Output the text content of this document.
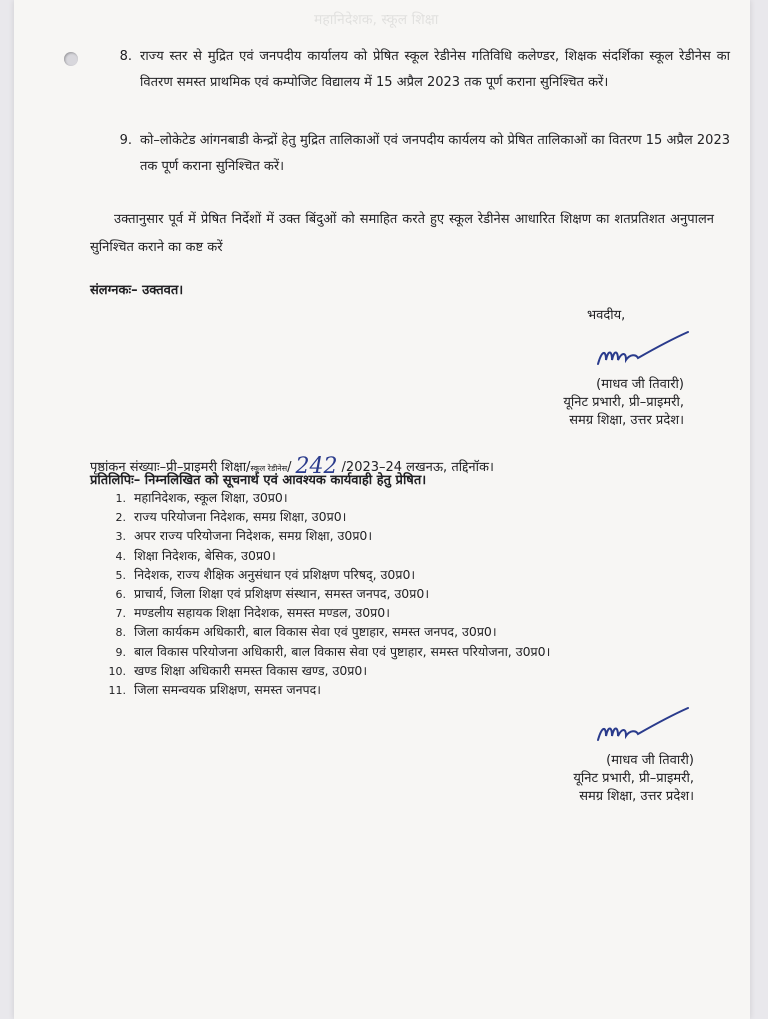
महानिदेशक, स्कूल शिक्षा
8. राज्य स्तर से मुद्रित एवं जनपदीय कार्यालय को प्रेषित स्कूल रेडीनेस गतिविधि कलेण्डर, शिक्षक संदर्शिका स्कूल रेडीनेस का वितरण समस्त प्राथमिक एवं कम्पोजिट विद्यालय में 15 अप्रैल 2023 तक पूर्ण कराना सुनिश्चित करें।
9. को–लोकेटेड आंगनबाडी केन्द्रों हेतु मुद्रित तालिकाओं एवं जनपदीय कार्यलय को प्रेषित तालिकाओं का वितरण 15 अप्रैल 2023 तक पूर्ण कराना सुनिश्चित करें।
उक्तानुसार पूर्व में प्रेषित निर्देशों में उक्त बिंदुओं को समाहित करते हुए स्कूल रेडीनेस आधारित शिक्षण का शतप्रतिशत अनुपालन सुनिश्चित कराने का कष्ट करें
संलग्नकः– उक्तवत।
भवदीय,
(माधव जी तिवारी)
यूनिट प्रभारी, प्री–प्राइमरी,
समग्र शिक्षा, उत्तर प्रदेश।
पृष्ठांकन संख्याः–प्री–प्राइमरी शिक्षा/स्कूल रेडीनेस/ 242 /2023–24 लखनऊ, तद्दिनॉक।
प्रतिलिपिः– निम्नलिखित को सूचनार्थ एवं आवश्यक कार्यवाही हेतु प्रेषित।
1. महानिदेशक, स्कूल शिक्षा, उ0प्र0।
2. राज्य परियोजना निदेशक, समग्र शिक्षा, उ0प्र0।
3. अपर राज्य परियोजना निदेशक, समग्र शिक्षा, उ0प्र0।
4. शिक्षा निदेशक, बेसिक, उ0प्र0।
5. निदेशक, राज्य शैक्षिक अनुसंधान एवं प्रशिक्षण परिषद्, उ0प्र0।
6. प्राचार्य, जिला शिक्षा एवं प्रशिक्षण संस्थान, समस्त जनपद, उ0प्र0।
7. मण्डलीय सहायक शिक्षा निदेशक, समस्त मण्डल, उ0प्र0।
8. जिला कार्यकम अधिकारी, बाल विकास सेवा एवं पुष्टाहार, समस्त जनपद, उ0प्र0।
9. बाल विकास परियोजना अधिकारी, बाल विकास सेवा एवं पुष्टाहार, समस्त परियोजना, उ0प्र0।
10. खण्ड शिक्षा अधिकारी समस्त विकास खण्ड, उ0प्र0।
11. जिला समन्वयक प्रशिक्षण, समस्त जनपद।
(माधव जी तिवारी)
यूनिट प्रभारी, प्री–प्राइमरी,
समग्र शिक्षा, उत्तर प्रदेश।
